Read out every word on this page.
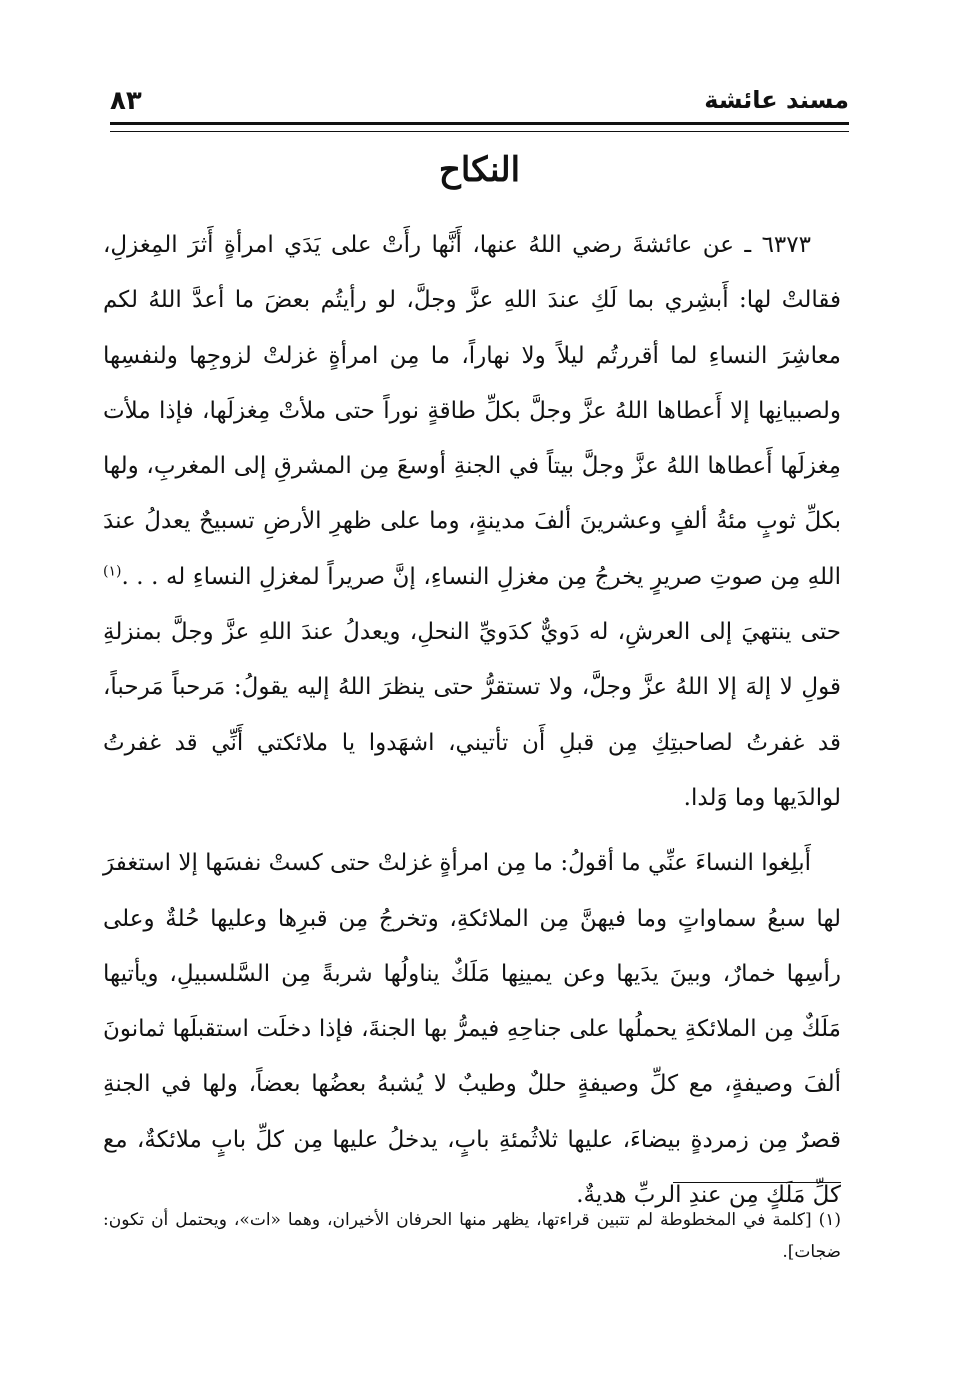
مسند عائشة
٨٣
النكاح

٦٣٧٣ ـ عن عائشةَ رضي اللهُ عنها، أَنَّها رأَتْ على يَدَي امرأةٍ أَثرَ المِغزلِ، فقالتْ لها: أَبشِري بما لَكِ عندَ اللهِ عزَّ وجلَّ، لو رأيتُم بعضَ ما أعدَّ اللهُ لكم معاشِرَ النساءِ لما أقررتُم ليلاً ولا نهاراً، ما مِن امرأةٍ غزلتْ لزوجِها ولنفسِها ولصبيانِها إلا أَعطاها اللهُ عزَّ وجلَّ بكلِّ طاقةٍ نوراً حتى ملأتْ مِغزلَها، فإذا ملأت مِغزلَها أَعطاها اللهُ عزَّ وجلَّ بيتاً في الجنةِ أوسعَ مِن المشرقِ إلى المغربِ، ولها بكلِّ ثوبٍ مئةُ ألفٍ وعشرينَ ألفَ مدينةٍ، وما على ظهرِ الأرضِ تسبيحٌ يعدلُ عندَ اللهِ مِن صوتِ صريرٍ يخرجُ مِن مغزلِ النساءِ، إنَّ صريراً لمغزلِ النساءِ له . . .$^{(١)}$ حتى ينتهيَ إلى العرشِ، له دَويٌّ كدَويِّ النحلِ، ويعدلُ عندَ اللهِ عزَّ وجلَّ بمنزلةِ قولِ لا إلهَ إلا اللهُ عزَّ وجلَّ، ولا تستقرُّ حتى ينظرَ اللهُ إليه يقولُ: مَرحباً مَرحباً، قد غفرتُ لصاحبتِكِ مِن قبلِ أَن تأتيني، اشهَدوا يا ملائكتي أَنِّي قد غفرتُ لوالدَيها وما وَلدا.

أَبلِغوا النساءَ عنِّي ما أقولُ: ما مِن امرأةٍ غزلتْ حتى كستْ نفسَها إلا استغفرَ لها سبعُ سماواتٍ وما فيهنَّ مِن الملائكةِ، وتخرجُ مِن قبرِها وعليها حُلةٌ وعلى رأسِها خمارٌ، وبينَ يدَيها وعن يمينِها مَلَكٌ يناولُها شربةً مِن السَّلسبيلِ، ويأتيها مَلَكٌ مِن الملائكةِ يحملُها على جناحِهِ فيمرُّ بها الجنةَ، فإذا دخلَت استقبلَها ثمانونَ ألفَ وصيفةٍ، مع كلِّ وصيفةٍ حللٌ وطيبٌ لا يُشبهُ بعضُها بعضاً، ولها في الجنةِ قصرٌ مِن زمردةٍ بيضاءَ، عليها ثلاثُمئةِ بابٍ، يدخلُ عليها مِن كلِّ بابٍ ملائكةٌ، مع كلِّ مَلَكٍ مِن عندِ الربِّ هديةٌ.

(١) [كلمة في المخطوطة لم تتبين قراءتها، يظهر منها الحرفان الأخيران، وهما «ات»، ويحتمل أن تكون: ضجات].
